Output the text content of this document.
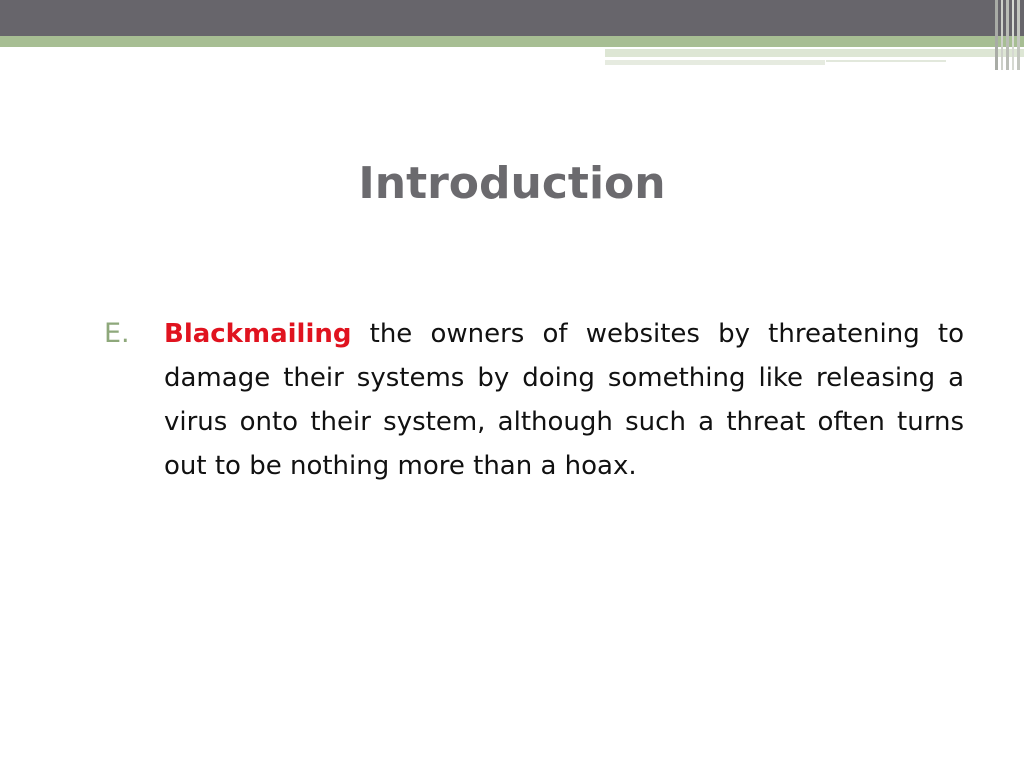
Introduction
E. Blackmailing the owners of websites by threatening to damage their systems by doing something like releasing a virus onto their system, although such a threat often turns out to be nothing more than a hoax.
